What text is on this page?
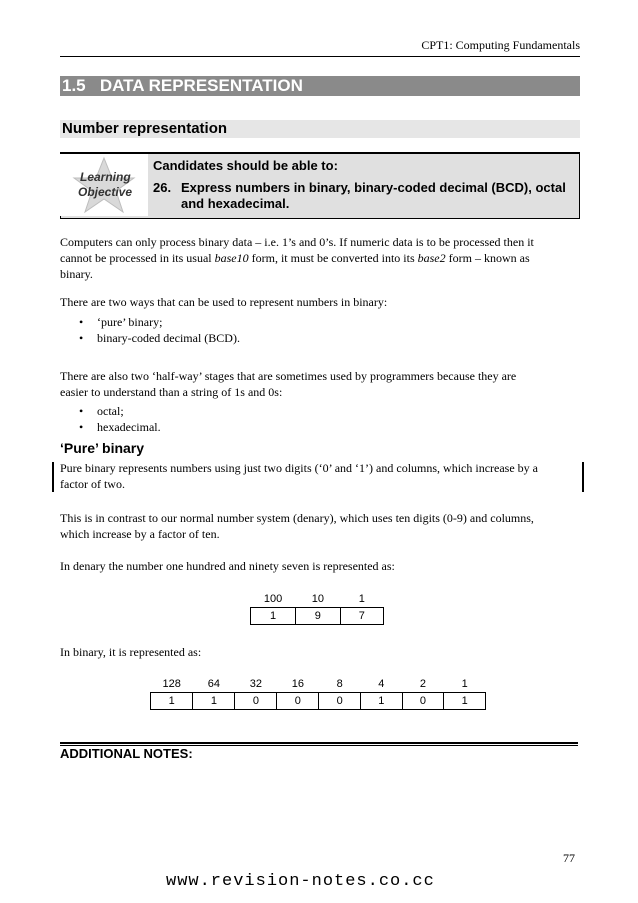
CPT1: Computing Fundamentals
1.5 DATA REPRESENTATION
Number representation
Learning
Objective
Candidates should be able to:
26. Express numbers in binary, binary-coded decimal (BCD), octal
and hexadecimal.
Computers can only process binary data – i.e. 1’s and 0’s. If numeric data is to be processed then it
cannot be processed in its usual base10 form, it must be converted into its base2 form – known as
binary.
There are two ways that can be used to represent numbers in binary:
• ‘pure’ binary;
• binary-coded decimal (BCD).
There are also two ‘half-way’ stages that are sometimes used by programmers because they are
easier to understand than a string of 1s and 0s:
• octal;
• hexadecimal.
‘Pure’ binary
Pure binary represents numbers using just two digits (‘0’ and ‘1’) and columns, which increase by a
factor of two.
This is in contrast to our normal number system (denary), which uses ten digits (0-9) and columns,
which increase by a factor of ten.
In denary the number one hundred and ninety seven is represented as:
100	10	1
1	9	7
In binary, it is represented as:
128	64	32	16	8	4	2	1
1	1	0	0	0	1	0	1
ADDITIONAL NOTES:
77
www.revision-notes.co.cc
